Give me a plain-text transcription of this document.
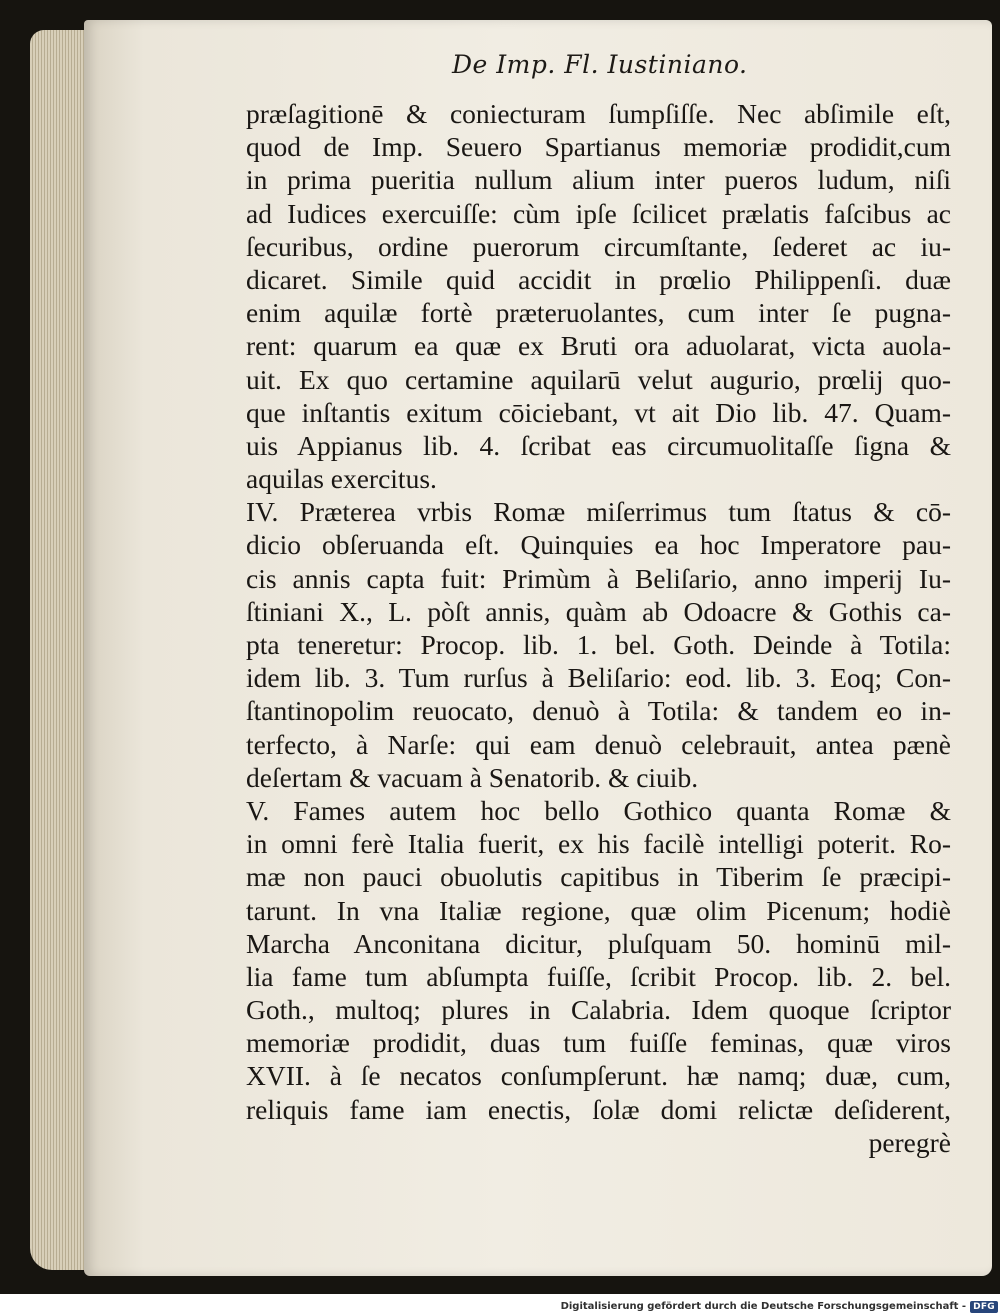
De Imp. Fl. Iustiniano.
præſagitionē & coniecturam ſumpſiſſe. Nec abſimile eſt,
quod de Imp. Seuero Spartianus memoriæ prodidit,cum
in prima pueritia nullum alium inter pueros ludum, niſi
ad Iudices exercuiſſe: cùm ipſe ſcilicet prælatis faſcibus ac
ſecuribus, ordine puerorum circumſtante, ſederet ac iu-
dicaret. Simile quid accidit in prœlio Philippenſi. duæ
enim aquilæ fortè præteruolantes, cum inter ſe pugna-
rent: quarum ea quæ ex Bruti ora aduolarat, victa auola-
uit. Ex quo certamine aquilarū velut augurio, prœlij quo-
que inſtantis exitum cōiciebant, vt ait Dio lib. 47. Quam-
uis Appianus lib. 4. ſcribat eas circumuolitaſſe ſigna &
aquilas exercitus.
IV. Præterea vrbis Romæ miſerrimus tum ſtatus & cō-
dicio obſeruanda eſt. Quinquies ea hoc Imperatore pau-
cis annis capta fuit: Primùm à Beliſario, anno imperij Iu-
ſtiniani X., L. pòſt annis, quàm ab Odoacre & Gothis ca-
pta teneretur: Procop. lib. 1. bel. Goth. Deinde à Totila:
idem lib. 3. Tum rurſus à Beliſario: eod. lib. 3. Eoq; Con-
ſtantinopolim reuocato, denuò à Totila: & tandem eo in-
terfecto, à Narſe: qui eam denuò celebrauit, antea pænè
deſertam & vacuam à Senatorib. & ciuib.
V. Fames autem hoc bello Gothico quanta Romæ &
in omni ferè Italia fuerit, ex his facilè intelligi poterit. Ro-
mæ non pauci obuolutis capitibus in Tiberim ſe præcipi-
tarunt. In vna Italiæ regione, quæ olim Picenum; hodiè
Marcha Anconitana dicitur, pluſquam 50. hominū mil-
lia fame tum abſumpta fuiſſe, ſcribit Procop. lib. 2. bel.
Goth., multoq; plures in Calabria. Idem quoque ſcriptor
memoriæ prodidit, duas tum fuiſſe feminas, quæ viros
XVII. à ſe necatos conſumpſerunt. hæ namq; duæ, cum,
reliquis fame iam enectis, ſolæ domi relictæ deſiderent,
peregrè
Digitalisierung gefördert durch die Deutsche Forschungsgemeinschaft - DFG
